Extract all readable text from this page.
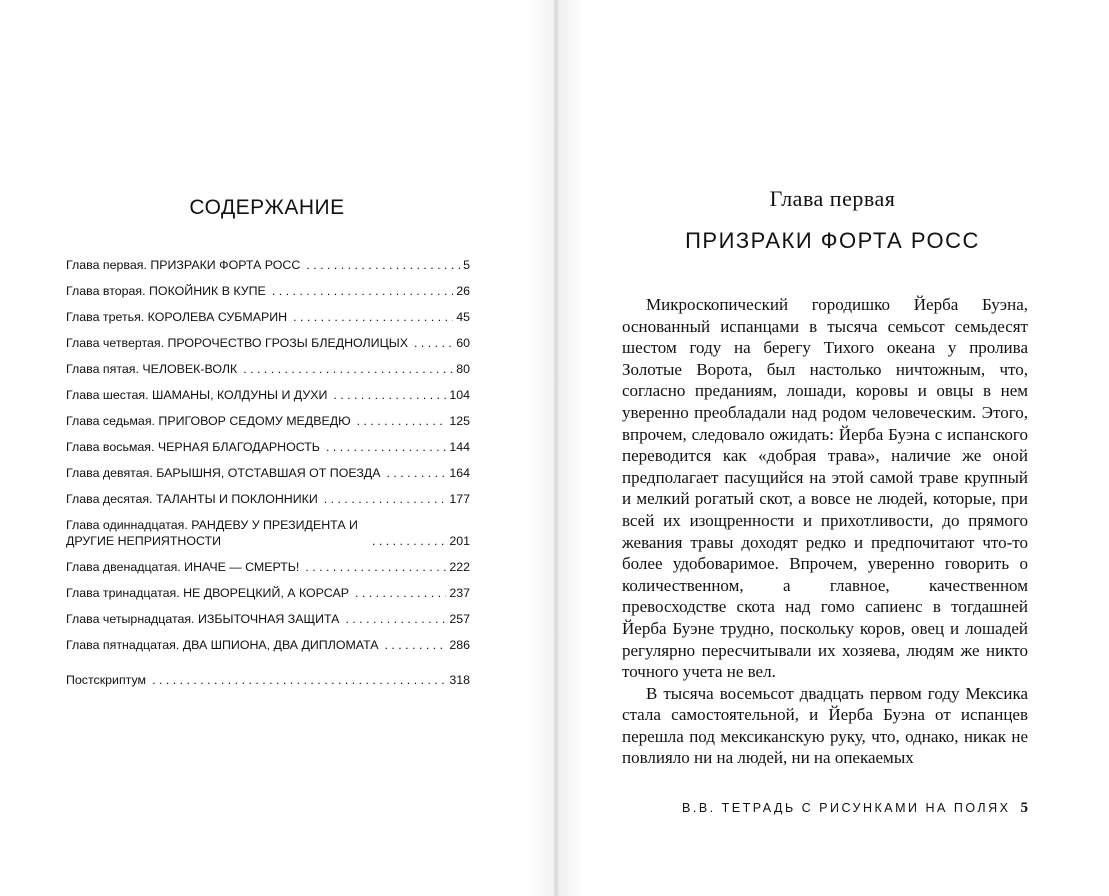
СОДЕРЖАНИЕ
Глава первая. ПРИЗРАКИ ФОРТА РОСС . . .	5
Глава вторая. ПОКОЙНИК В КУПЕ . . .	26
Глава третья. КОРОЛЕВА СУБМАРИН . . .	45
Глава четвертая. ПРОРОЧЕСТВО ГРОЗЫ БЛЕДНОЛИЦЫХ . . .	60
Глава пятая. ЧЕЛОВЕК-ВОЛК . . .	80
Глава шестая. ШАМАНЫ, КОЛДУНЫ И ДУХИ . . .	104
Глава седьмая. ПРИГОВОР СЕДОМУ МЕДВЕДЮ . . .	125
Глава восьмая. ЧЕРНАЯ БЛАГОДАРНОСТЬ . . .	144
Глава девятая. БАРЫШНЯ, ОТСТАВШАЯ ОТ ПОЕЗДА . . .	164
Глава десятая. ТАЛАНТЫ И ПОКЛОННИКИ . . .	177
Глава одиннадцатая. РАНДЕВУ У ПРЕЗИДЕНТА И ДРУГИЕ НЕПРИЯТНОСТИ . . .	201
Глава двенадцатая. ИНАЧЕ — СМЕРТЬ! . . .	222
Глава тринадцатая. НЕ ДВОРЕЦКИЙ, А КОРСАР . . .	237
Глава четырнадцатая. ИЗБЫТОЧНАЯ ЗАЩИТА . . .	257
Глава пятнадцатая. ДВА ШПИОНА, ДВА ДИПЛОМАТА . . .	286
Постскриптум . . .	318
Глава первая
ПРИЗРАКИ ФОРТА РОСС

Микроскопический городишко Йерба Буэна, основанный испанцами в тысяча семьсот семьдесят шестом году на берегу Тихого океана у пролива Золотые Ворота, был настолько ничтожным, что, согласно преданиям, лошади, коровы и овцы в нем уверенно преобладали над родом человеческим. Этого, впрочем, следовало ожидать: Йерба Буэна с испанского переводится как «добрая трава», наличие же оной предполагает пасущийся на этой самой траве крупный и мелкий рогатый скот, а вовсе не людей, которые, при всей их изощренности и прихотливости, до прямого жевания травы доходят редко и предпочитают что-то более удобоваримое. Впрочем, уверенно говорить о количественном, а главное, качественном превосходстве скота над гомо сапиенс в тогдашней Йерба Буэне трудно, поскольку коров, овец и лошадей регулярно пересчитывали их хозяева, людям же никто точного учета не вел.

В тысяча восемьсот двадцать первом году Мексика стала самостоятельной, и Йерба Буэна от испанцев перешла под мексиканскую руку, что, однако, никак не повлияло ни на людей, ни на опекаемых

В.В. ТЕТРАДЬ С РИСУНКАМИ НА ПОЛЯХ 5
